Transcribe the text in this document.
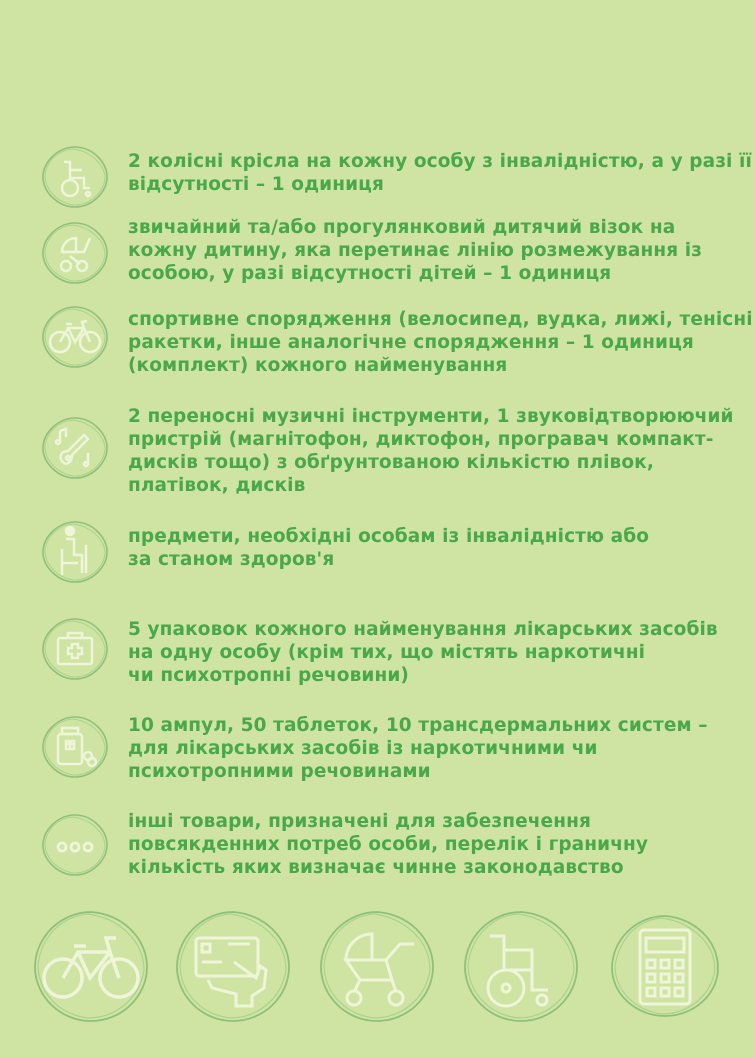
2 колісні крісла на кожну особу з інвалідністю, а у разі її
відсутності – 1 одиниця
звичайний та/або прогулянковий дитячий візок на
кожну дитину, яка перетинає лінію розмежування із
особою, у разі відсутності дітей – 1 одиниця
спортивне спорядження (велосипед, вудка, лижі, тенісні
ракетки, інше аналогічне спорядження – 1 одиниця
(комплект) кожного найменування
2 переносні музичні інструменти, 1 звуковідтворюючий
пристрій (магнітофон, диктофон, програвач компакт-
дисків тощо) з обґрунтованою кількістю плівок,
платівок, дисків
предмети, необхідні особам із інвалідністю або
за станом здоров'я
5 упаковок кожного найменування лікарських засобів
на одну особу (крім тих, що містять наркотичні
чи психотропні речовини)
10 ампул, 50 таблеток, 10 трансдермальних систем –
для лікарських засобів із наркотичними чи
психотропними речовинами
інші товари, призначені для забезпечення
повсякденних потреб особи, перелік і граничну
кількість яких визначає чинне законодавство
